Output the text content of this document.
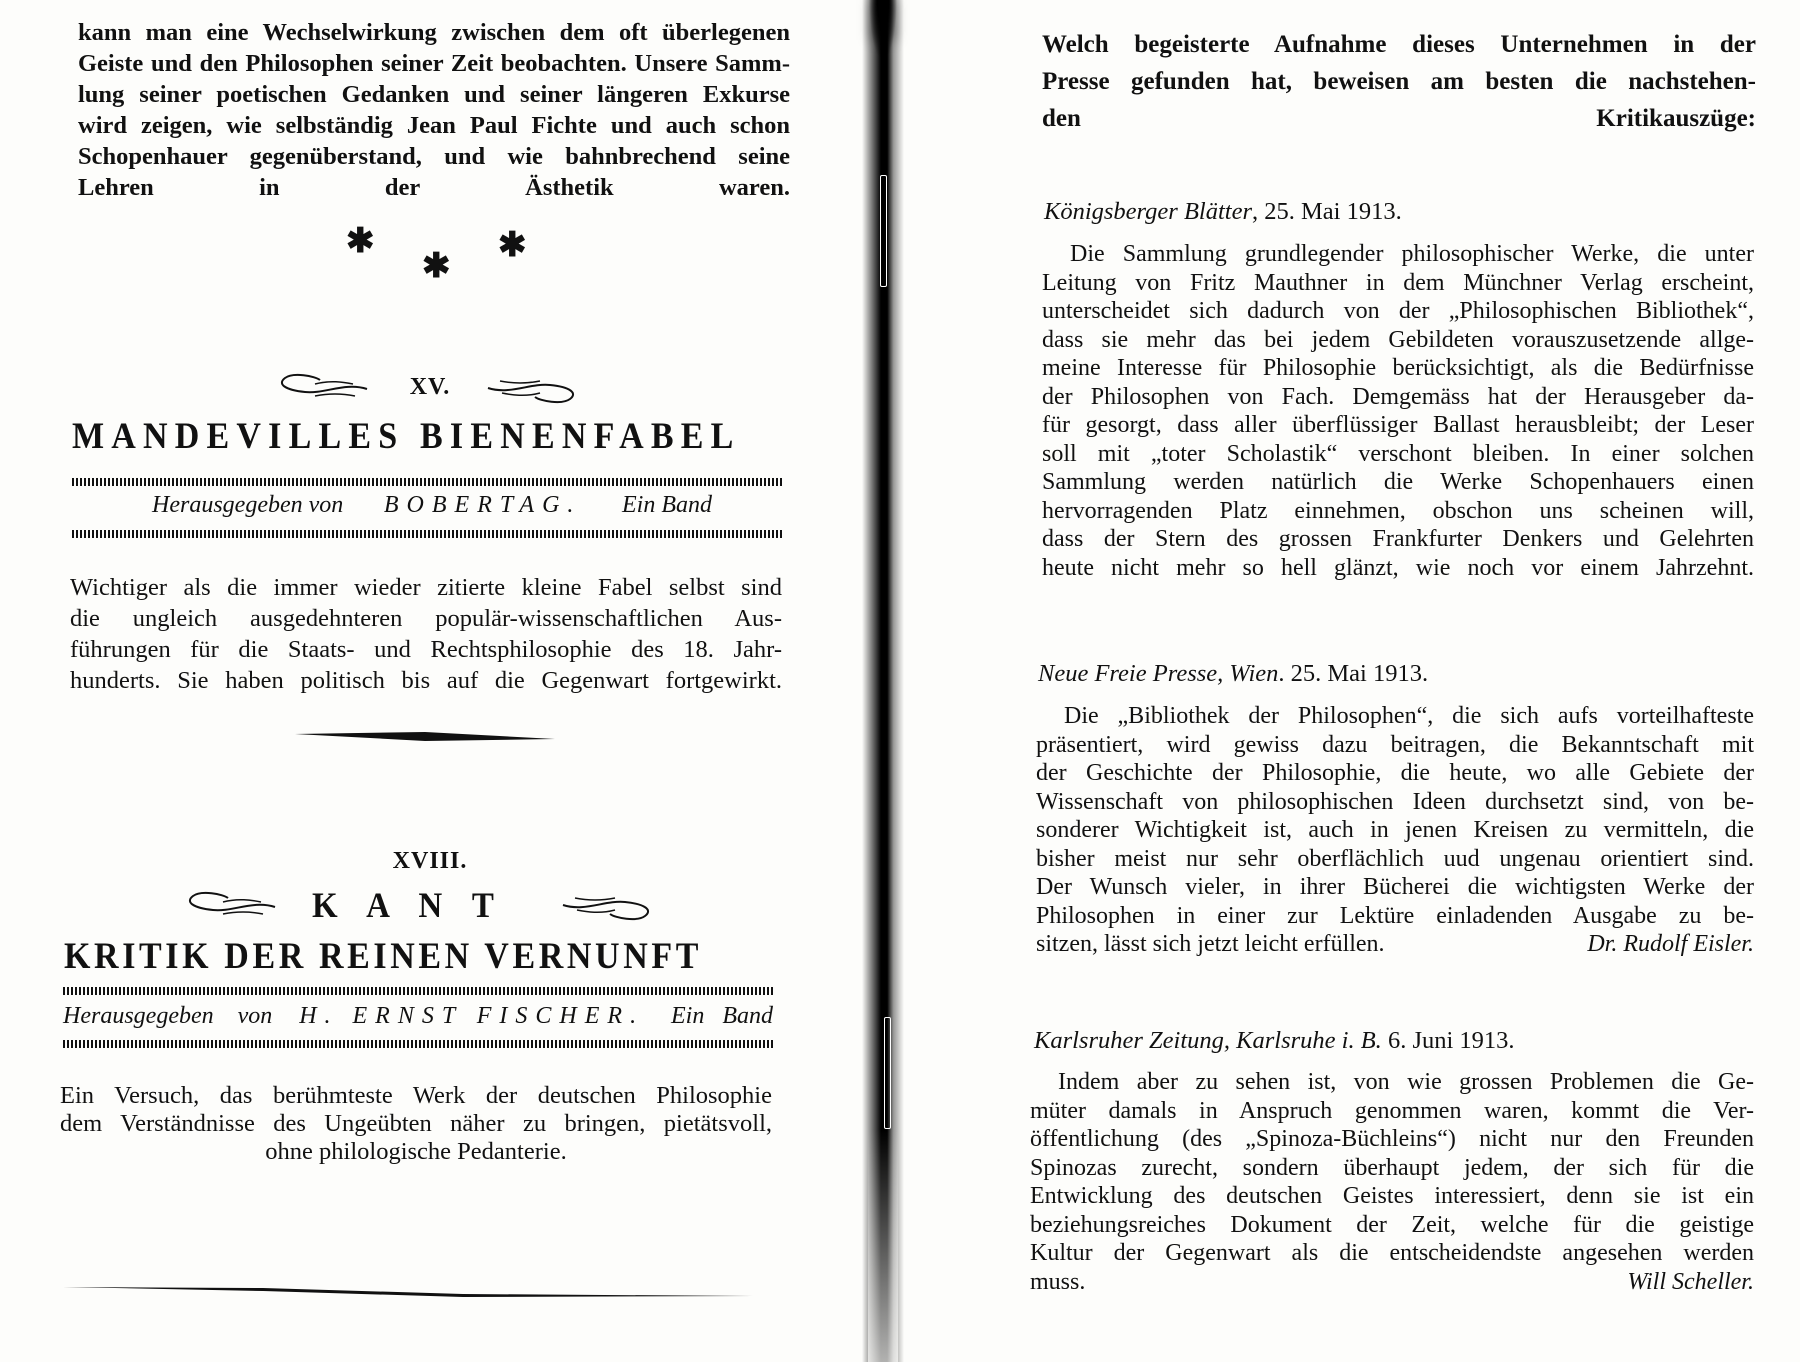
kann man eine Wechselwirkung zwischen dem oft überlegenen
Geiste und den Philosophen seiner Zeit beobachten. Unsere Samm-
lung seiner poetischen Gedanken und seiner längeren Exkurse
wird zeigen, wie selbständig Jean Paul Fichte und auch schon
Schopenhauer gegenüberstand, und wie bahnbrechend seine
Lehren in der Ästhetik waren.
✱
✱
✱
XV.
MANDEVILLES BIENENFABEL
Herausgegeben von BOBERTAG. Ein Band
Wichtiger als die immer wieder zitierte kleine Fabel selbst sind
die ungleich ausgedehnteren populär-wissenschaftlichen Aus-
führungen für die Staats- und Rechtsphilosophie des 18. Jahr-
hunderts. Sie haben politisch bis auf die Gegenwart fortgewirkt.
XVIII.
K A N T
KRITIK DER REINEN VERNUNFT
Herausgegeben von H. ERNST FISCHER. Ein Band
Ein Versuch, das berühmteste Werk der deutschen Philosophie
dem Verständnisse des Ungeübten näher zu bringen, pietätsvoll,
ohne philologische Pedanterie.
Welch begeisterte Aufnahme dieses Unternehmen in der
Presse gefunden hat, beweisen am besten die nachstehen-
den Kritikauszüge:
Königsberger Blätter, 25. Mai 1913.
Die Sammlung grundlegender philosophischer Werke, die unter
Leitung von Fritz Mauthner in dem Münchner Verlag erscheint,
unterscheidet sich dadurch von der „Philosophischen Bibliothek“,
dass sie mehr das bei jedem Gebildeten vorauszusetzende allge-
meine Interesse für Philosophie berücksichtigt, als die Bedürfnisse
der Philosophen von Fach. Demgemäss hat der Herausgeber da-
für gesorgt, dass aller überflüssiger Ballast herausbleibt; der Leser
soll mit „toter Scholastik“ verschont bleiben. In einer solchen
Sammlung werden natürlich die Werke Schopenhauers einen
hervorragenden Platz einnehmen, obschon uns scheinen will,
dass der Stern des grossen Frankfurter Denkers und Gelehrten
heute nicht mehr so hell glänzt, wie noch vor einem Jahrzehnt.
Neue Freie Presse, Wien. 25. Mai 1913.
Die „Bibliothek der Philosophen“, die sich aufs vorteilhafteste
präsentiert, wird gewiss dazu beitragen, die Bekanntschaft mit
der Geschichte der Philosophie, die heute, wo alle Gebiete der
Wissenschaft von philosophischen Ideen durchsetzt sind, von be-
sonderer Wichtigkeit ist, auch in jenen Kreisen zu vermitteln, die
bisher meist nur sehr oberflächlich uud ungenau orientiert sind.
Der Wunsch vieler, in ihrer Bücherei die wichtigsten Werke der
Philosophen in einer zur Lektüre einladenden Ausgabe zu be-
sitzen, lässt sich jetzt leicht erfüllen.	Dr. Rudolf Eisler.
Karlsruher Zeitung, Karlsruhe i. B. 6. Juni 1913.
Indem aber zu sehen ist, von wie grossen Problemen die Ge-
müter damals in Anspruch genommen waren, kommt die Ver-
öffentlichung (des „Spinoza-Büchleins“) nicht nur den Freunden
Spinozas zurecht, sondern überhaupt jedem, der sich für die
Entwicklung des deutschen Geistes interessiert, denn sie ist ein
beziehungsreiches Dokument der Zeit, welche für die geistige
Kultur der Gegenwart als die entscheidendste angesehen werden
muss.	Will Scheller.
